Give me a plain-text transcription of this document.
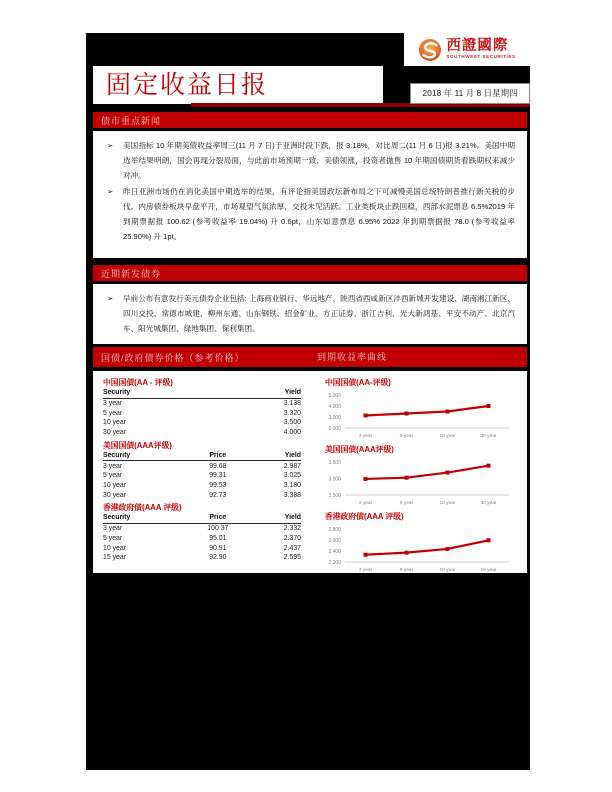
西證國際
SOUTHWEST SECURITIES
固定收益日报	2018 年 11 月 8 日星期四
债市重点新闻
➢	美国指标 10 年期美债收益率周三(11 月 7 日)于亚洲时段下跌，报 3.18%，对比周二(11 月 6 日)报 3.21%。美国中期选举结果明朗，国会再现分裂局面，与此前市场预期一致，美债领涨，投资者抛售 10 年期国债期货看跌期权来减少对冲。
➢	昨日亚洲市场仍在消化美国中期选举的结果，有评论指美国政坛新布局之下可减慢美国总统特朗普推行新关税的步伐。内房债券板块早盘平开，市场观望气氛浓厚，交投未见活跃。工业类板块止跌回稳，西部水泥票息 6.5%2019 年到期票据报 100.62 (参考收益率 19.04%) 升 0.6pt，山东如意票息 6.95% 2022 年到期票据报 78.0 (参考收益率 25.90%) 升 1pt。
近期新发债券
➢	早前公布有意发行美元债券企业包括: 上海商业银行、华远地产、陕西省西咸新区沣西新城开发建设、湖南湘江新区、四川交投、常德市城建、柳州东通、山东钢铁、招金矿业、方正证券、浙江吉利、光大新鸿基、平安不动产、北京汽车、阳光城集团、绿地集团、保利集团。
国债/政府债券价格（参考价格）	到期收益率曲线
中国国债(AA - 评级)
Security	Yield
3 year	3.138
5 year	3.320
10 year	3.500
30 year	4.000
美国国债(AAA评级)
Security	Price	Yield
3 year	99.68	2.987
5 year	99.31	3.025
10 year	99.53	3.180
30 year	92.73	3.388
香港政府债(AAA 评级)
Security	Price	Yield
3 year	100.37	2.332
5 year	95.01	2.370
10 year	90.91	2.437
15 year	92.90	2.595
中国国债(AA-评级)
5.000
4.000
3.000
2.000
3 year	5 year	10 year	30 year
美国国债(AAA评级)
3.500
3.000
2.500
3 year	5 year	10 year	30 year
香港政府债(AAA 评级)
2.800
2.600
2.400
2.200
3 year	5 year	10 year	15 year
